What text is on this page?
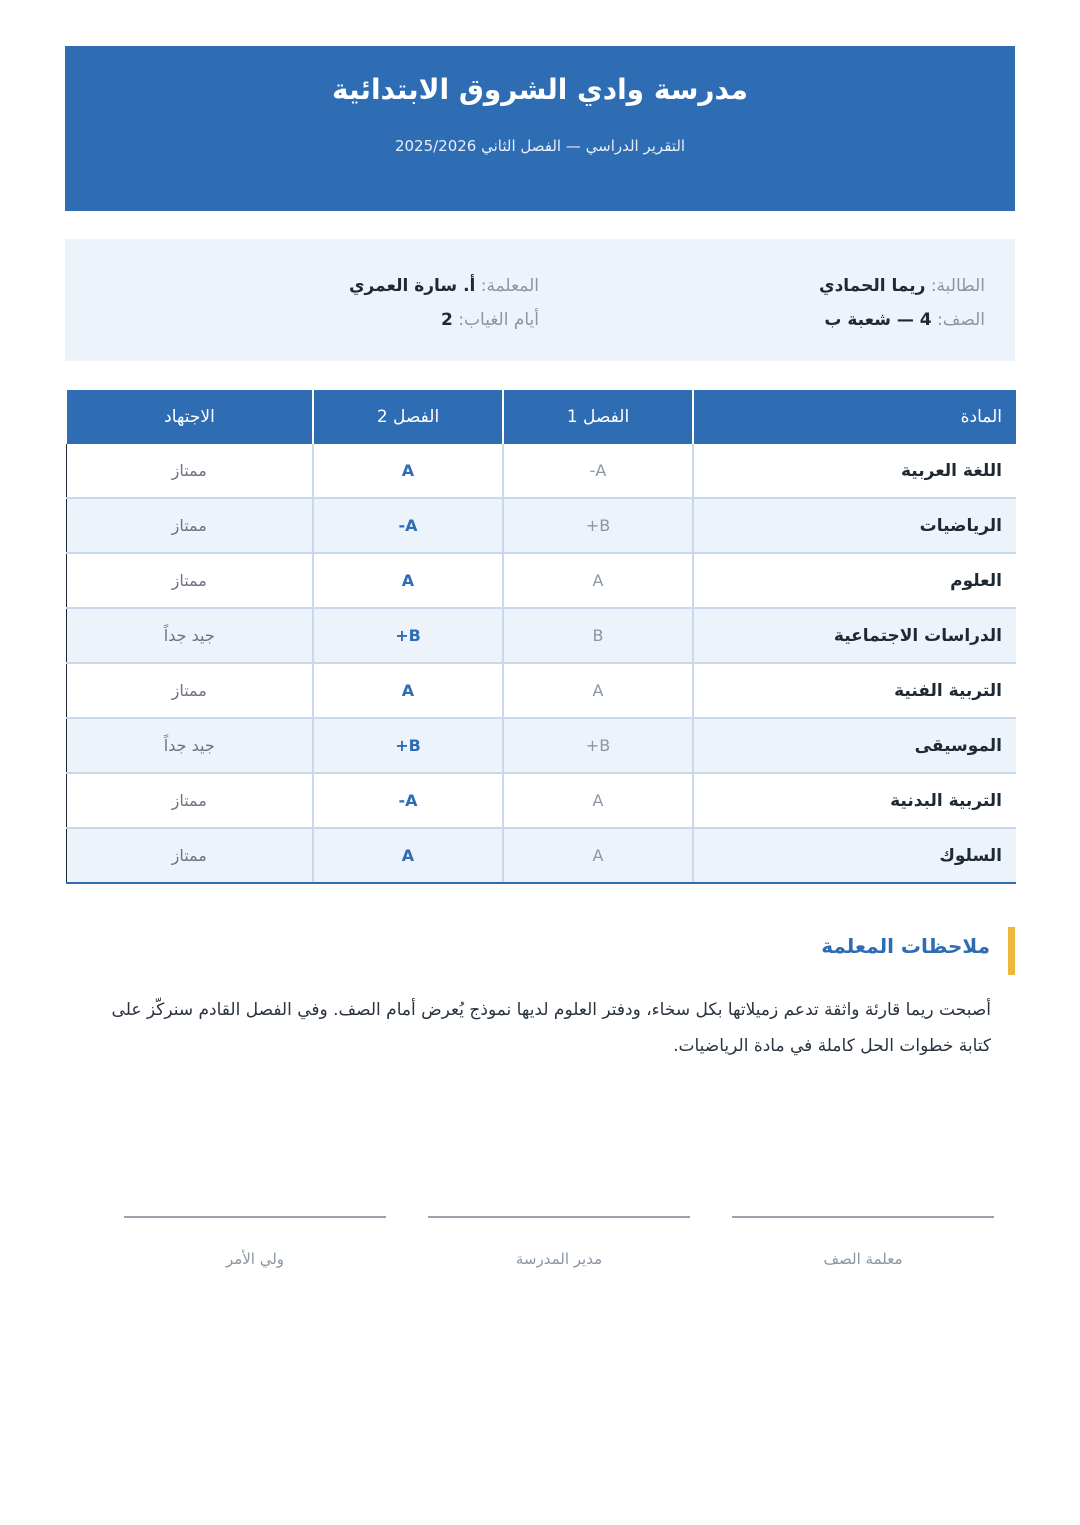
مدرسة وادي الشروق الابتدائية
التقرير الدراسي — الفصل الثاني 2025/2026
الطالبة: ريما الحمادي
الصف: 4 — شعبة ب
المعلمة: أ. سارة العمري
أيام الغياب: 2
المادة	الفصل 1	الفصل 2	الاجتهاد
اللغة العربية	A-	A	ممتاز
الرياضيات	B+	A-	ممتاز
العلوم	A	A	ممتاز
الدراسات الاجتماعية	B	B+	جيد جداً
التربية الفنية	A	A	ممتاز
الموسيقى	B+	B+	جيد جداً
التربية البدنية	A	A-	ممتاز
السلوك	A	A	ممتاز
ملاحظات المعلمة
أصبحت ريما قارئة واثقة تدعم زميلاتها بكل سخاء، ودفتر العلوم لديها نموذج يُعرض أمام الصف. وفي الفصل القادم سنركّز على كتابة خطوات الحل كاملة في مادة الرياضيات.
معلمة الصف
مدير المدرسة
ولي الأمر
